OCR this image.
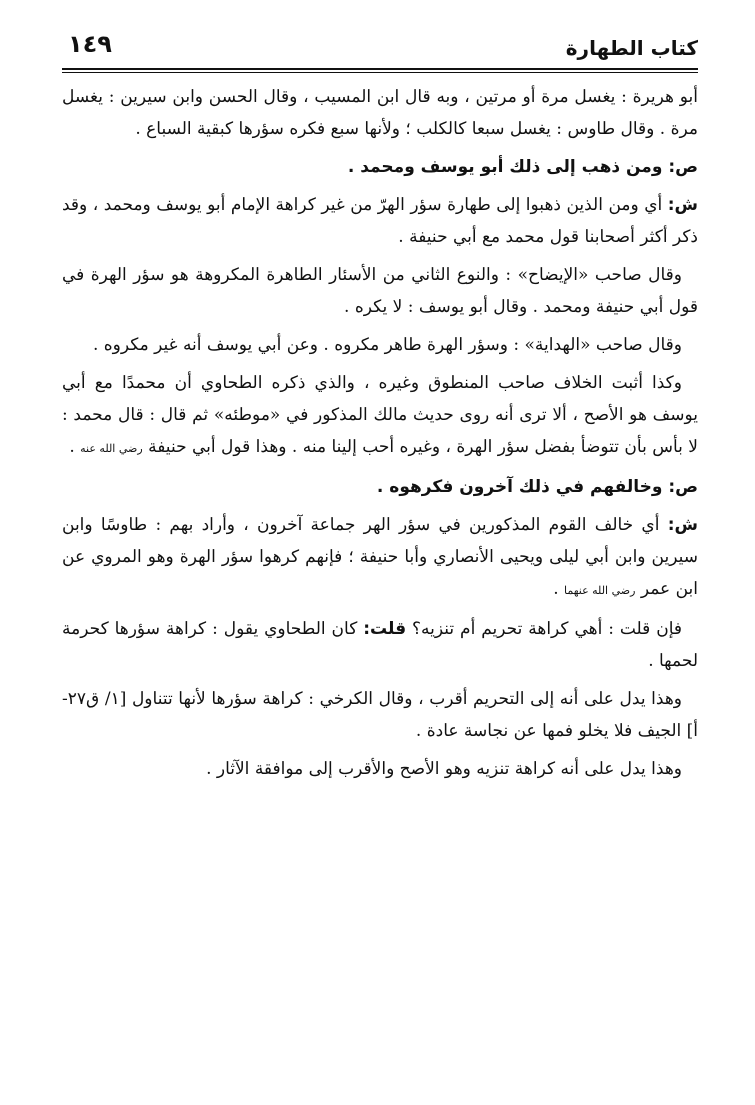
كتاب الطهارة
١٤٩

أبو هريرة : يغسل مرة أو مرتين ، وبه قال ابن المسيب ، وقال الحسن وابن سيرين : يغسل مرة . وقال طاوس : يغسل سبعا كالكلب ؛ ولأنها سبع فكره سؤرها كبقية السباع .

ص: ومن ذهب إلى ذلك أبو يوسف ومحمد .

ش: أي ومن الذين ذهبوا إلى طهارة سؤر الهرّ من غير كراهة الإمام أبو يوسف ومحمد ، وقد ذكر أكثر أصحابنا قول محمد مع أبي حنيفة .

وقال صاحب «الإيضاح» : والنوع الثاني من الأسئار الطاهرة المكروهة هو سؤر الهرة في قول أبي حنيفة ومحمد . وقال أبو يوسف : لا يكره .

وقال صاحب «الهداية» : وسؤر الهرة طاهر مكروه . وعن أبي يوسف أنه غير مكروه .

وكذا أثبت الخلاف صاحب المنطوق وغيره ، والذي ذكره الطحاوي أن محمدًا مع أبي يوسف هو الأصح ، ألا ترى أنه روى حديث مالك المذكور في «موطئه» ثم قال : قال محمد : لا بأس بأن تتوضأ بفضل سؤر الهرة ، وغيره أحب إلينا منه . وهذا قول أبي حنيفة رضي الله عنه .

ص: وخالفهم في ذلك آخرون فكرهوه .

ش: أي خالف القوم المذكورين في سؤر الهر جماعة آخرون ، وأراد بهم : طاوسًا وابن سيرين وابن أبي ليلى ويحيى الأنصاري وأبا حنيفة ؛ فإنهم كرهوا سؤر الهرة وهو المروي عن ابن عمر رضي الله عنهما .

فإن قلت : أهي كراهة تحريم أم تنزيه؟ قلت: كان الطحاوي يقول : كراهة سؤرها كحرمة لحمها .

وهذا يدل على أنه إلى التحريم أقرب ، وقال الكرخي : كراهة سؤرها لأنها تتناول [١/ ق٢٧-أ] الجيف فلا يخلو فمها عن نجاسة عادة .

وهذا يدل على أنه كراهة تنزيه وهو الأصح والأقرب إلى موافقة الآثار .
